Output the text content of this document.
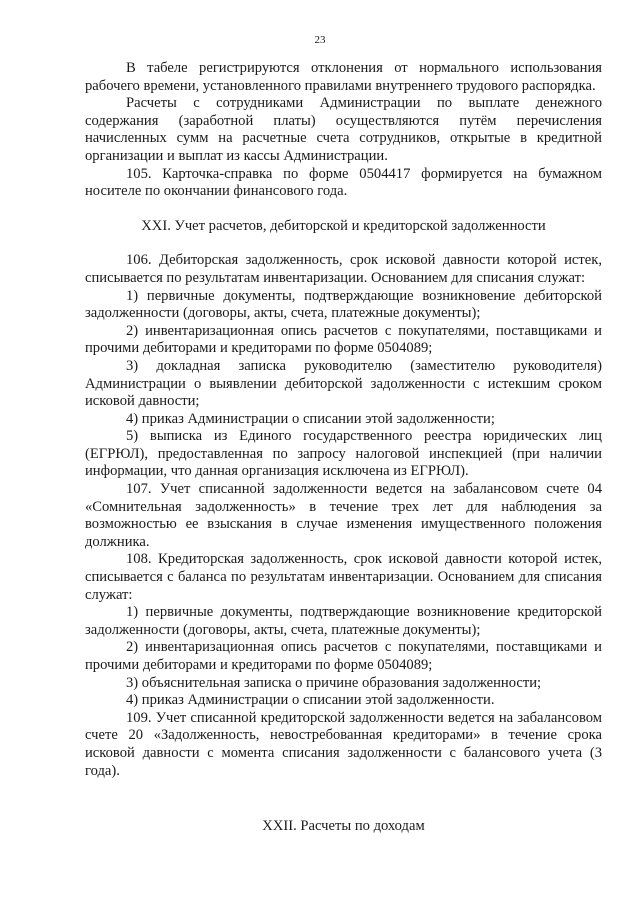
23

В табеле регистрируются отклонения от нормального использования рабочего времени, установленного правилами внутреннего трудового распорядка.

Расчеты с сотрудниками Администрации по выплате денежного содержания (заработной платы) осуществляются путём перечисления начисленных сумм на расчетные счета сотрудников, открытые в кредитной организации и выплат из кассы Администрации.

105. Карточка-справка по форме 0504417 формируется на бумажном носителе по окончании финансового года.

XXI. Учет расчетов, дебиторской и кредиторской задолженности

106. Дебиторская задолженность, срок исковой давности которой истек, списывается по результатам инвентаризации. Основанием для списания служат:

1) первичные документы, подтверждающие возникновение дебиторской задолженности (договоры, акты, счета, платежные документы);

2) инвентаризационная опись расчетов с покупателями, поставщиками и прочими дебиторами и кредиторами по форме 0504089;

3) докладная записка руководителю (заместителю руководителя) Администрации о выявлении дебиторской задолженности с истекшим сроком исковой давности;

4) приказ Администрации о списании этой задолженности;

5) выписка из Единого государственного реестра юридических лиц (ЕГРЮЛ), предоставленная по запросу налоговой инспекцией (при наличии информации, что данная организация исключена из ЕГРЮЛ).

107. Учет списанной задолженности ведется на забалансовом счете 04 «Сомнительная задолженность» в течение трех лет для наблюдения за возможностью ее взыскания в случае изменения имущественного положения должника.

108. Кредиторская задолженность, срок исковой давности которой истек, списывается с баланса по результатам инвентаризации. Основанием для списания служат:

1) первичные документы, подтверждающие возникновение кредиторской задолженности (договоры, акты, счета, платежные документы);

2) инвентаризационная опись расчетов с покупателями, поставщиками и прочими дебиторами и кредиторами по форме 0504089;

3) объяснительная записка о причине образования задолженности;

4) приказ Администрации о списании этой задолженности.

109. Учет списанной кредиторской задолженности ведется на забалансовом счете 20 «Задолженность, невостребованная кредиторами» в течение срока исковой давности с момента списания задолженности с балансового учета (3 года).

XXII. Расчеты по доходам
